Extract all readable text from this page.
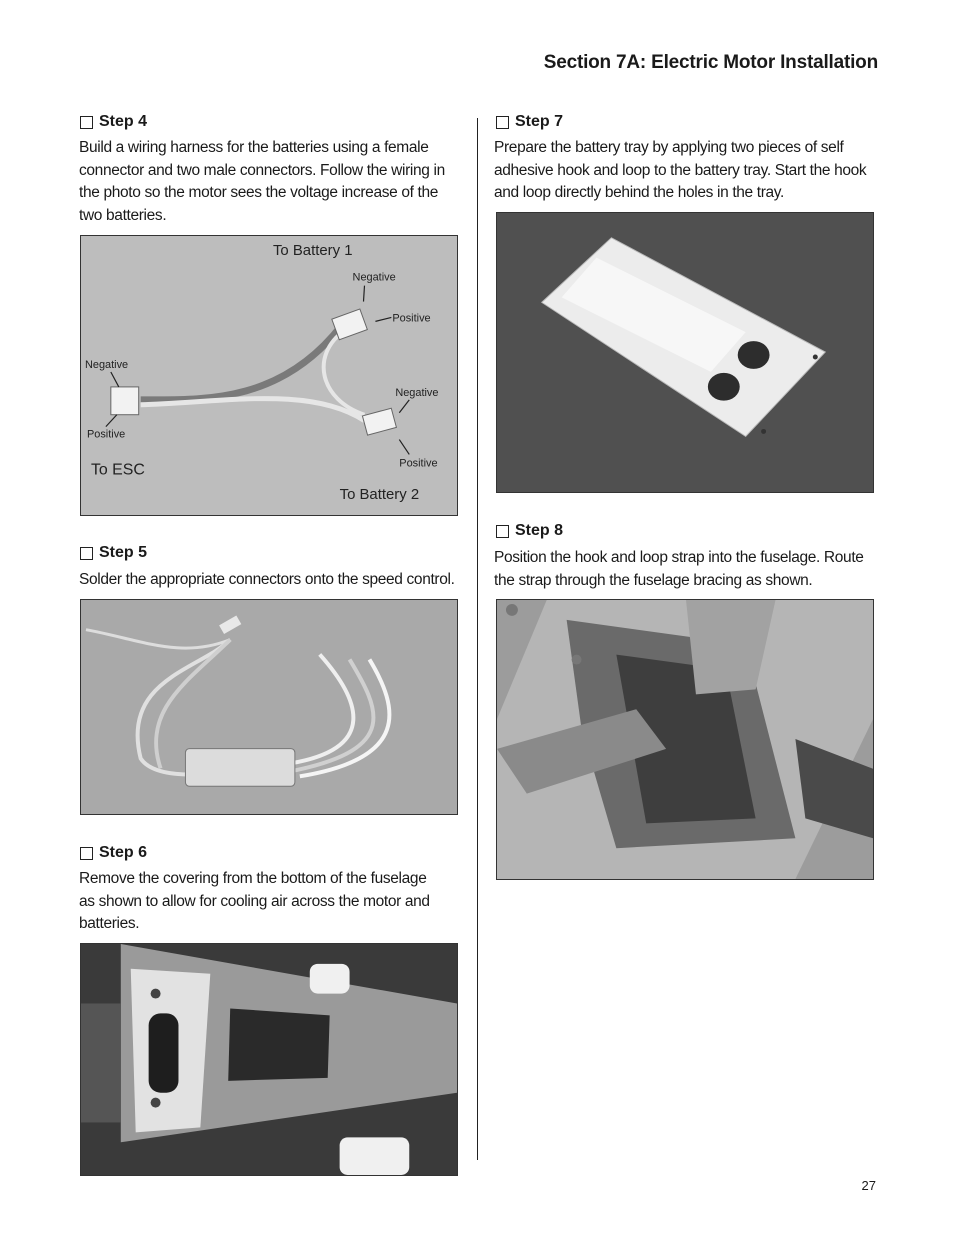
Section 7A: Electric Motor Installation
Step 4
Build a wiring harness for the batteries using a female connector and two male connectors. Follow the wiring in the photo so the motor sees the voltage increase of the two batteries.
To Battery 1
Negative
Positive
Negative
Negative
Positive
Positive
To ESC
To Battery 2
Step 5
Solder the appropriate connectors onto the speed control.
Step 6
Remove the covering from the bottom of the fuselage as shown to allow for cooling air across the motor and batteries.
Step 7
Prepare the battery tray by applying two pieces of self adhesive hook and loop to the battery tray. Start the hook and loop directly behind the holes in the tray.
Step 8
Position the hook and loop strap into the fuselage. Route the strap through the fuselage bracing as shown.
27
